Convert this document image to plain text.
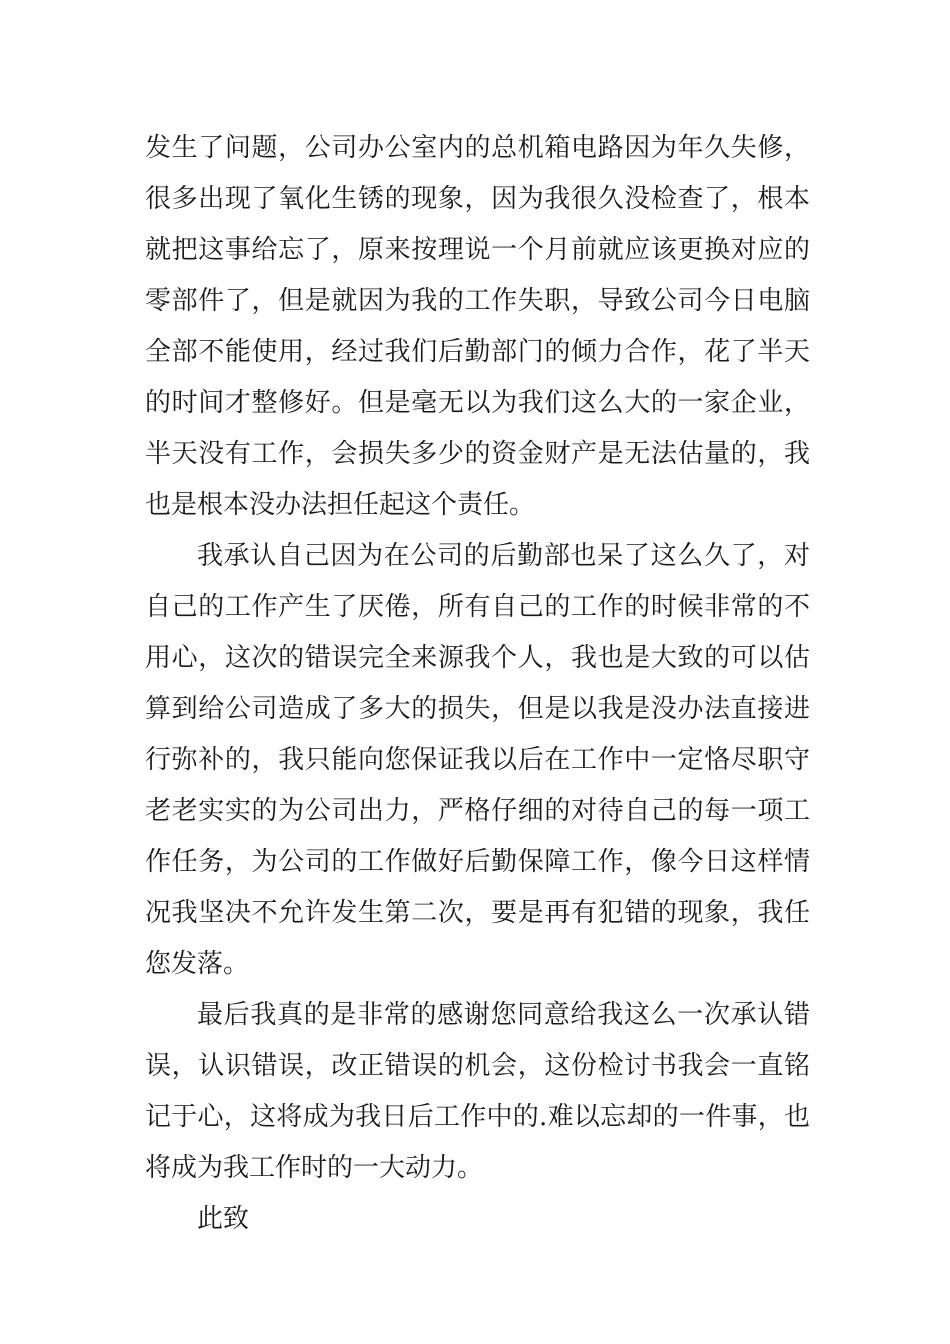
发生了问题，公司办公室内的总机箱电路因为年久失修，
很多出现了氧化生锈的现象，因为我很久没检查了，根本
就把这事给忘了，原来按理说一个月前就应该更换对应的
零部件了，但是就因为我的工作失职，导致公司今日电脑
全部不能使用，经过我们后勤部门的倾力合作，花了半天
的时间才整修好。但是毫无以为我们这么大的一家企业，
半天没有工作，会损失多少的资金财产是无法估量的，我
也是根本没办法担任起这个责任。
我承认自己因为在公司的后勤部也呆了这么久了，对
自己的工作产生了厌倦，所有自己的工作的时候非常的不
用心，这次的错误完全来源我个人，我也是大致的可以估
算到给公司造成了多大的损失，但是以我是没办法直接进
行弥补的，我只能向您保证我以后在工作中一定恪尽职守
老老实实的为公司出力，严格仔细的对待自己的每一项工
作任务，为公司的工作做好后勤保障工作，像今日这样情
况我坚决不允许发生第二次，要是再有犯错的现象，我任
您发落。
最后我真的是非常的感谢您同意给我这么一次承认错
误，认识错误，改正错误的机会，这份检讨书我会一直铭
记于心，这将成为我日后工作中的.难以忘却的一件事，也
将成为我工作时的一大动力。
此致
